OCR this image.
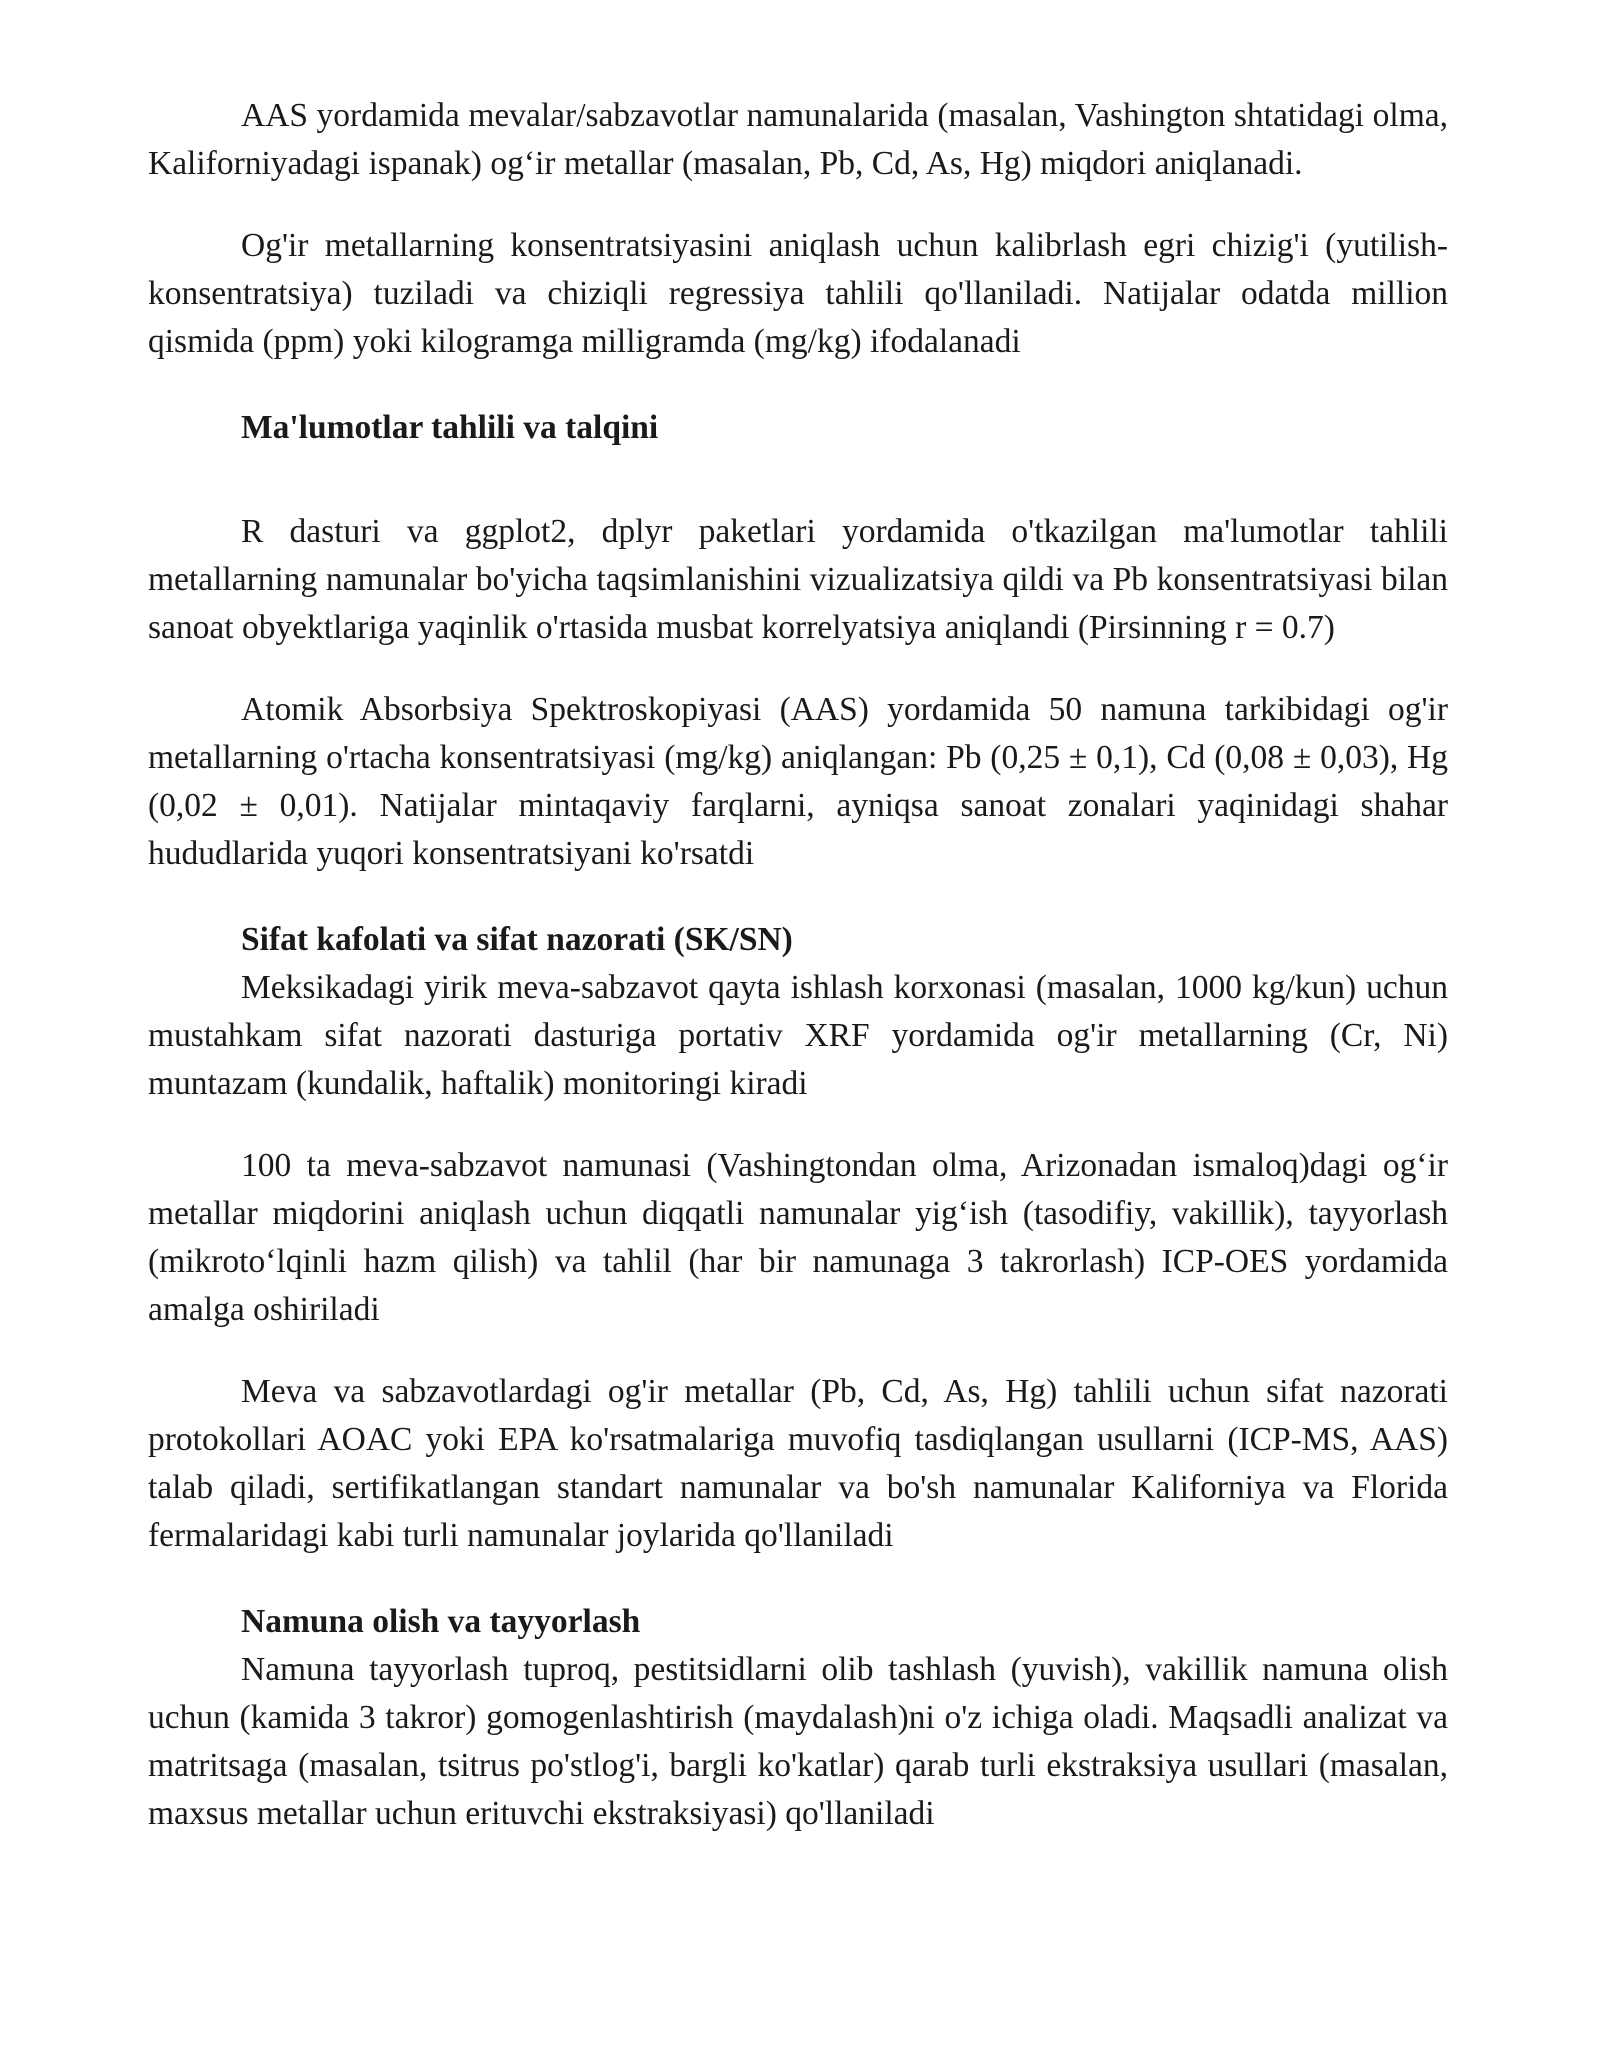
AAS yordamida mevalar/sabzavotlar namunalarida (masalan, Vashington shtatidagi olma, Kaliforniyadagi ispanak) og‘ir metallar (masalan, Pb, Cd, As, Hg) miqdori aniqlanadi.

Og'ir metallarning konsentratsiyasini aniqlash uchun kalibrlash egri chizig'i (yutilish-konsentratsiya) tuziladi va chiziqli regressiya tahlili qo'llaniladi. Natijalar odatda million qismida (ppm) yoki kilogramga milligramda (mg/kg) ifodalanadi

Ma'lumotlar tahlili va talqini

R dasturi va ggplot2, dplyr paketlari yordamida o'tkazilgan ma'lumotlar tahlili metallarning namunalar bo'yicha taqsimlanishini vizualizatsiya qildi va Pb konsentratsiyasi bilan sanoat obyektlariga yaqinlik o'rtasida musbat korrelyatsiya aniqlandi (Pirsinning r = 0.7)

Atomik Absorbsiya Spektroskopiyasi (AAS) yordamida 50 namuna tarkibidagi og'ir metallarning o'rtacha konsentratsiyasi (mg/kg) aniqlangan: Pb (0,25 ± 0,1), Cd (0,08 ± 0,03), Hg (0,02 ± 0,01). Natijalar mintaqaviy farqlarni, ayniqsa sanoat zonalari yaqinidagi shahar hududlarida yuqori konsentratsiyani ko'rsatdi

Sifat kafolati va sifat nazorati (SK/SN)

Meksikadagi yirik meva-sabzavot qayta ishlash korxonasi (masalan, 1000 kg/kun) uchun mustahkam sifat nazorati dasturiga portativ XRF yordamida og'ir metallarning (Cr, Ni) muntazam (kundalik, haftalik) monitoringi kiradi

100 ta meva-sabzavot namunasi (Vashingtondan olma, Arizonadan ismaloq)dagi og‘ir metallar miqdorini aniqlash uchun diqqatli namunalar yig‘ish (tasodifiy, vakillik), tayyorlash (mikroto‘lqinli hazm qilish) va tahlil (har bir namunaga 3 takrorlash) ICP-OES yordamida amalga oshiriladi

Meva va sabzavotlardagi og'ir metallar (Pb, Cd, As, Hg) tahlili uchun sifat nazorati protokollari AOAC yoki EPA ko'rsatmalariga muvofiq tasdiqlangan usullarni (ICP-MS, AAS) talab qiladi, sertifikatlangan standart namunalar va bo'sh namunalar Kaliforniya va Florida fermalaridagi kabi turli namunalar joylarida qo'llaniladi

Namuna olish va tayyorlash

Namuna tayyorlash tuproq, pestitsidlarni olib tashlash (yuvish), vakillik namuna olish uchun (kamida 3 takror) gomogenlashtirish (maydalash)ni o'z ichiga oladi. Maqsadli analizat va matritsaga (masalan, tsitrus po'stlog'i, bargli ko'katlar) qarab turli ekstraksiya usullari (masalan, maxsus metallar uchun erituvchi ekstraksiyasi) qo'llaniladi
